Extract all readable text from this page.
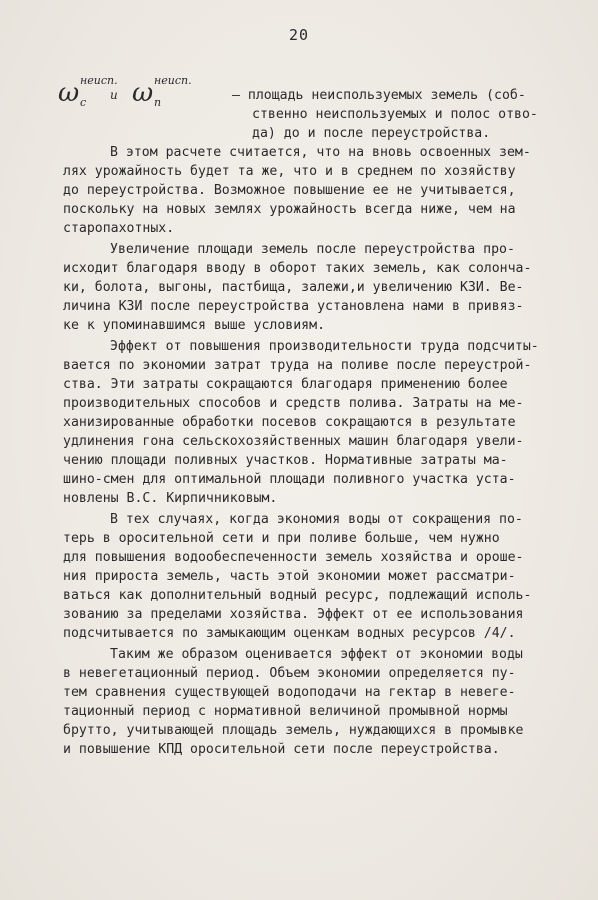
20
ω с
неисп.
и ω п
неисп.
– площадь неиспользуемых земель (соб-
ственно неиспользуемых и полос отво-
да) до и после переустройства.
В этом расчете считается, что на вновь освоенных зем-
лях урожайность будет та же, что и в среднем по хозяйству
до переустройства. Возможное повышение ее не учитывается,
поскольку на новых землях урожайность всегда ниже, чем на
старопахотных.
Увеличение площади земель после переустройства про-
исходит благодаря вводу в оборот таких земель, как солонча-
ки, болота, выгоны, пастбища, залежи,и увеличению КЗИ. Ве-
личина КЗИ после переустройства установлена нами в привяз-
ке к упоминавшимся выше условиям.
Эффект от повышения производительности труда подсчиты-
вается по экономии затрат труда на поливе после переустрой-
ства. Эти затраты сокращаются благодаря применению более
производительных способов и средств полива. Затраты на ме-
ханизированные обработки посевов сокращаются в результате
удлинения гона сельскохозяйственных машин благодаря увели-
чению площади поливных участков. Нормативные затраты ма-
шино-смен для оптимальной площади поливного участка уста-
новлены В.С. Кирпичниковым.
В тех случаях, когда экономия воды от сокращения по-
терь в оросительной сети и при поливе больше, чем нужно
для повышения водообеспеченности земель хозяйства и ороше-
ния прироста земель, часть этой экономии может рассматри-
ваться как дополнительный водный ресурс, подлежащий исполь-
зованию за пределами хозяйства. Эффект от ее использования
подсчитывается по замыкающим оценкам водных ресурсов /4/.
Таким же образом оценивается эффект от экономии воды
в невегетационный период. Объем экономии определяется пу-
тем сравнения существующей водоподачи на гектар в невеге-
тационный период с нормативной величиной промывной нормы
брутто, учитывающей площадь земель, нуждающихся в промывке
и повышение КПД оросительной сети после переустройства.
